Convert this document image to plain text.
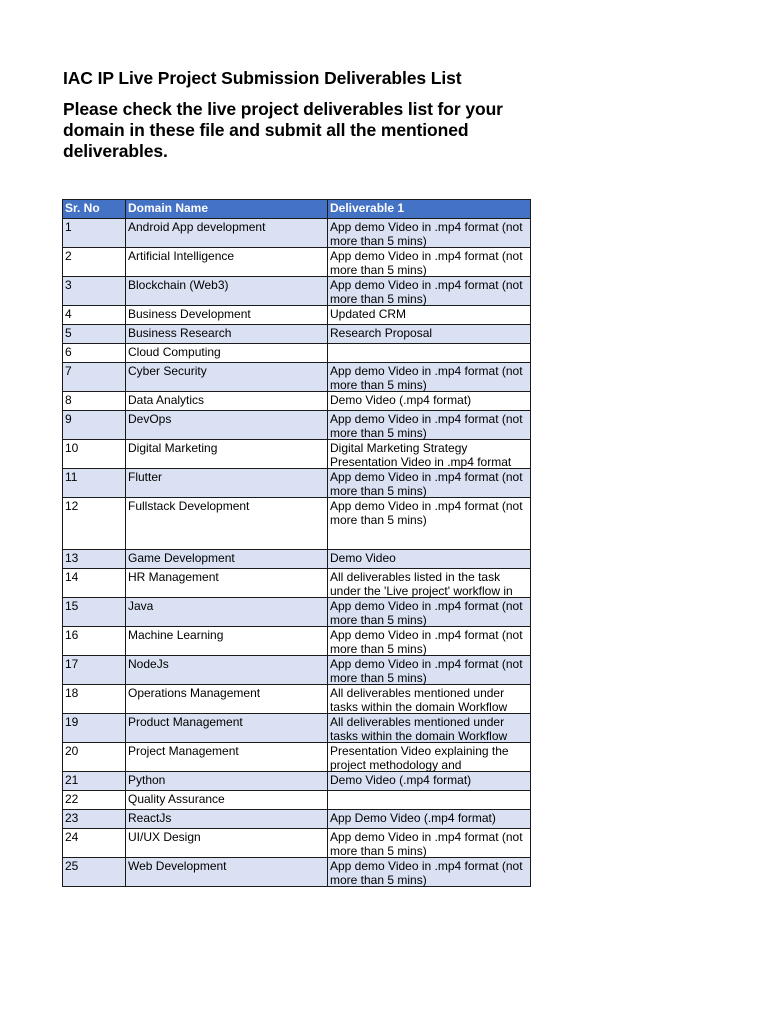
IAC IP Live Project Submission Deliverables List
Please check the live project deliverables list for your domain in these file and submit all the mentioned deliverables.
Sr. No	Domain Name	Deliverable 1
1	Android App development	App demo Video in .mp4 format (not more than 5 mins)

2	Artificial Intelligence	App demo Video in .mp4 format (not more than 5 mins)

3	Blockchain (Web3)	App demo Video in .mp4 format (not more than 5 mins)

4	Business Development	Updated CRM

5	Business Research	Research Proposal

6	Cloud Computing	

7	Cyber Security	App demo Video in .mp4 format (not more than 5 mins)

8	Data Analytics	Demo Video (.mp4 format)

9	DevOps	App demo Video in .mp4 format (not more than 5 mins)

10	Digital Marketing	Digital Marketing Strategy Presentation Video in .mp4 format

11	Flutter	App demo Video in .mp4 format (not more than 5 mins)

12	Fullstack Development	App demo Video in .mp4 format (not more than 5 mins)

13	Game Development	Demo Video

14	HR Management	All deliverables listed in the task under the 'Live project' workflow in

15	Java	App demo Video in .mp4 format (not more than 5 mins)

16	Machine Learning	App demo Video in .mp4 format (not more than 5 mins)

17	NodeJs	App demo Video in .mp4 format (not more than 5 mins)

18	Operations Management	All deliverables mentioned under tasks within the domain Workflow

19	Product Management	All deliverables mentioned under tasks within the domain Workflow

20	Project Management	Presentation Video explaining the project methodology and

21	Python	Demo Video (.mp4 format)

22	Quality Assurance	

23	ReactJs	App Demo Video (.mp4 format)

24	UI/UX Design	App demo Video in .mp4 format (not more than 5 mins)

25	Web Development	App demo Video in .mp4 format (not more than 5 mins)
